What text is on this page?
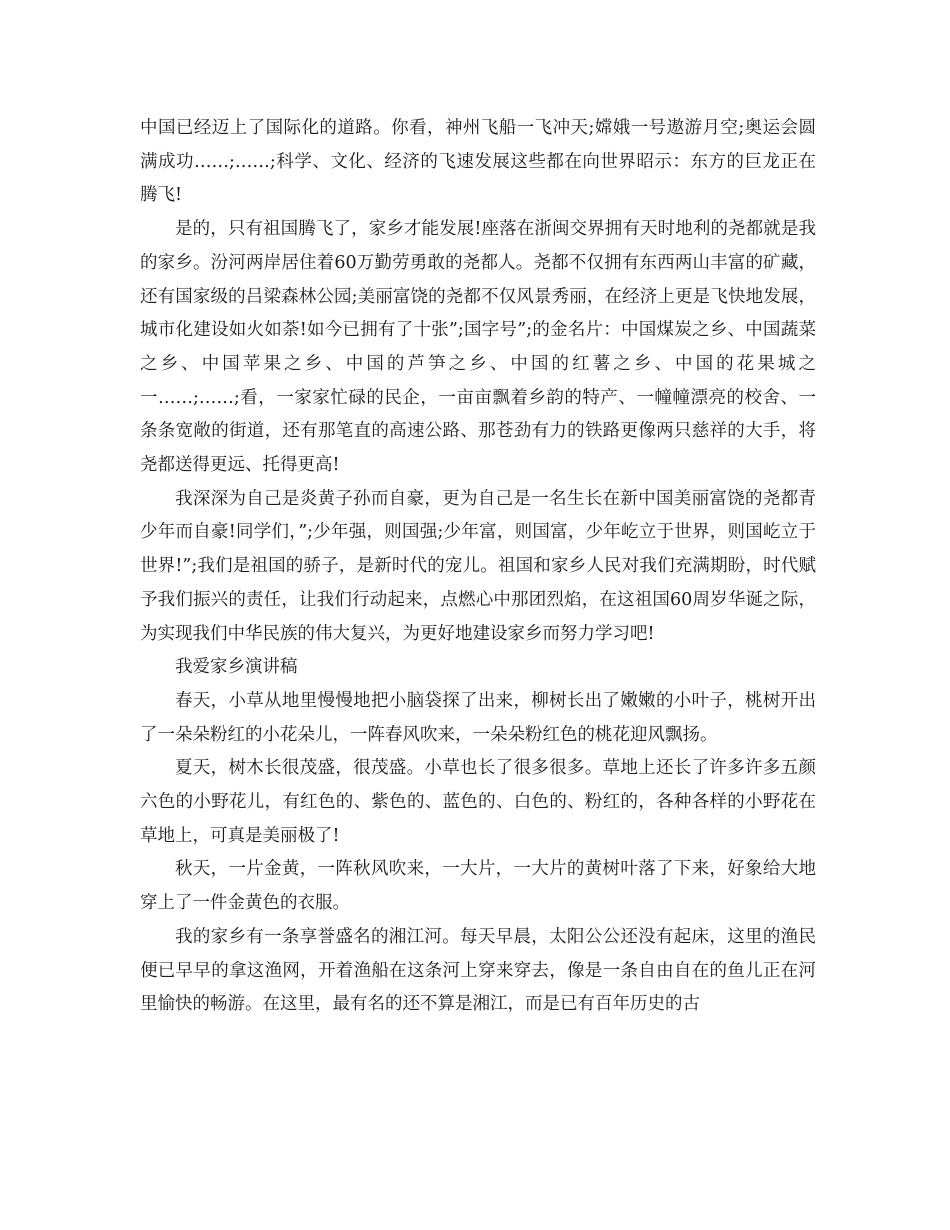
中国已经迈上了国际化的道路。你看，神州飞船一飞冲天;嫦娥一号遨游月空;奥运会圆满成功……;……;科学、文化、经济的飞速发展这些都在向世界昭示：东方的巨龙正在腾飞!

是的，只有祖国腾飞了，家乡才能发展!座落在浙闽交界拥有天时地利的尧都就是我的家乡。汾河两岸居住着60万勤劳勇敢的尧都人。尧都不仅拥有东西两山丰富的矿藏，还有国家级的吕梁森林公园;美丽富饶的尧都不仅风景秀丽，在经济上更是飞快地发展，城市化建设如火如荼!如今已拥有了十张”;国字号”;的金名片：中国煤炭之乡、中国蔬菜之乡、中国苹果之乡、中国的芦笋之乡、中国的红薯之乡、中国的花果城之一……;……;看，一家家忙碌的民企，一亩亩飘着乡韵的特产、一幢幢漂亮的校舍、一条条宽敞的街道，还有那笔直的高速公路、那苍劲有力的铁路更像两只慈祥的大手，将尧都送得更远、托得更高!

我深深为自己是炎黄子孙而自豪，更为自己是一名生长在新中国美丽富饶的尧都青少年而自豪!同学们，”;少年强，则国强;少年富，则国富，少年屹立于世界，则国屹立于世界!”;我们是祖国的骄子，是新时代的宠儿。祖国和家乡人民对我们充满期盼，时代赋予我们振兴的责任，让我们行动起来，点燃心中那团烈焰，在这祖国60周岁华诞之际，为实现我们中华民族的伟大复兴，为更好地建设家乡而努力学习吧!

我爱家乡演讲稿

春天，小草从地里慢慢地把小脑袋探了出来，柳树长出了嫩嫩的小叶子，桃树开出了一朵朵粉红的小花朵儿，一阵春风吹来，一朵朵粉红色的桃花迎风飘扬。

夏天，树木长很茂盛，很茂盛。小草也长了很多很多。草地上还长了许多许多五颜六色的小野花儿，有红色的、紫色的、蓝色的、白色的、粉红的，各种各样的小野花在草地上，可真是美丽极了!

秋天，一片金黄，一阵秋风吹来，一大片，一大片的黄树叶落了下来，好象给大地穿上了一件金黄色的衣服。

我的家乡有一条享誉盛名的湘江河。每天早晨，太阳公公还没有起床，这里的渔民便已早早的拿这渔网，开着渔船在这条河上穿来穿去，像是一条自由自在的鱼儿正在河里愉快的畅游。在这里，最有名的还不算是湘江，而是已有百年历史的古
